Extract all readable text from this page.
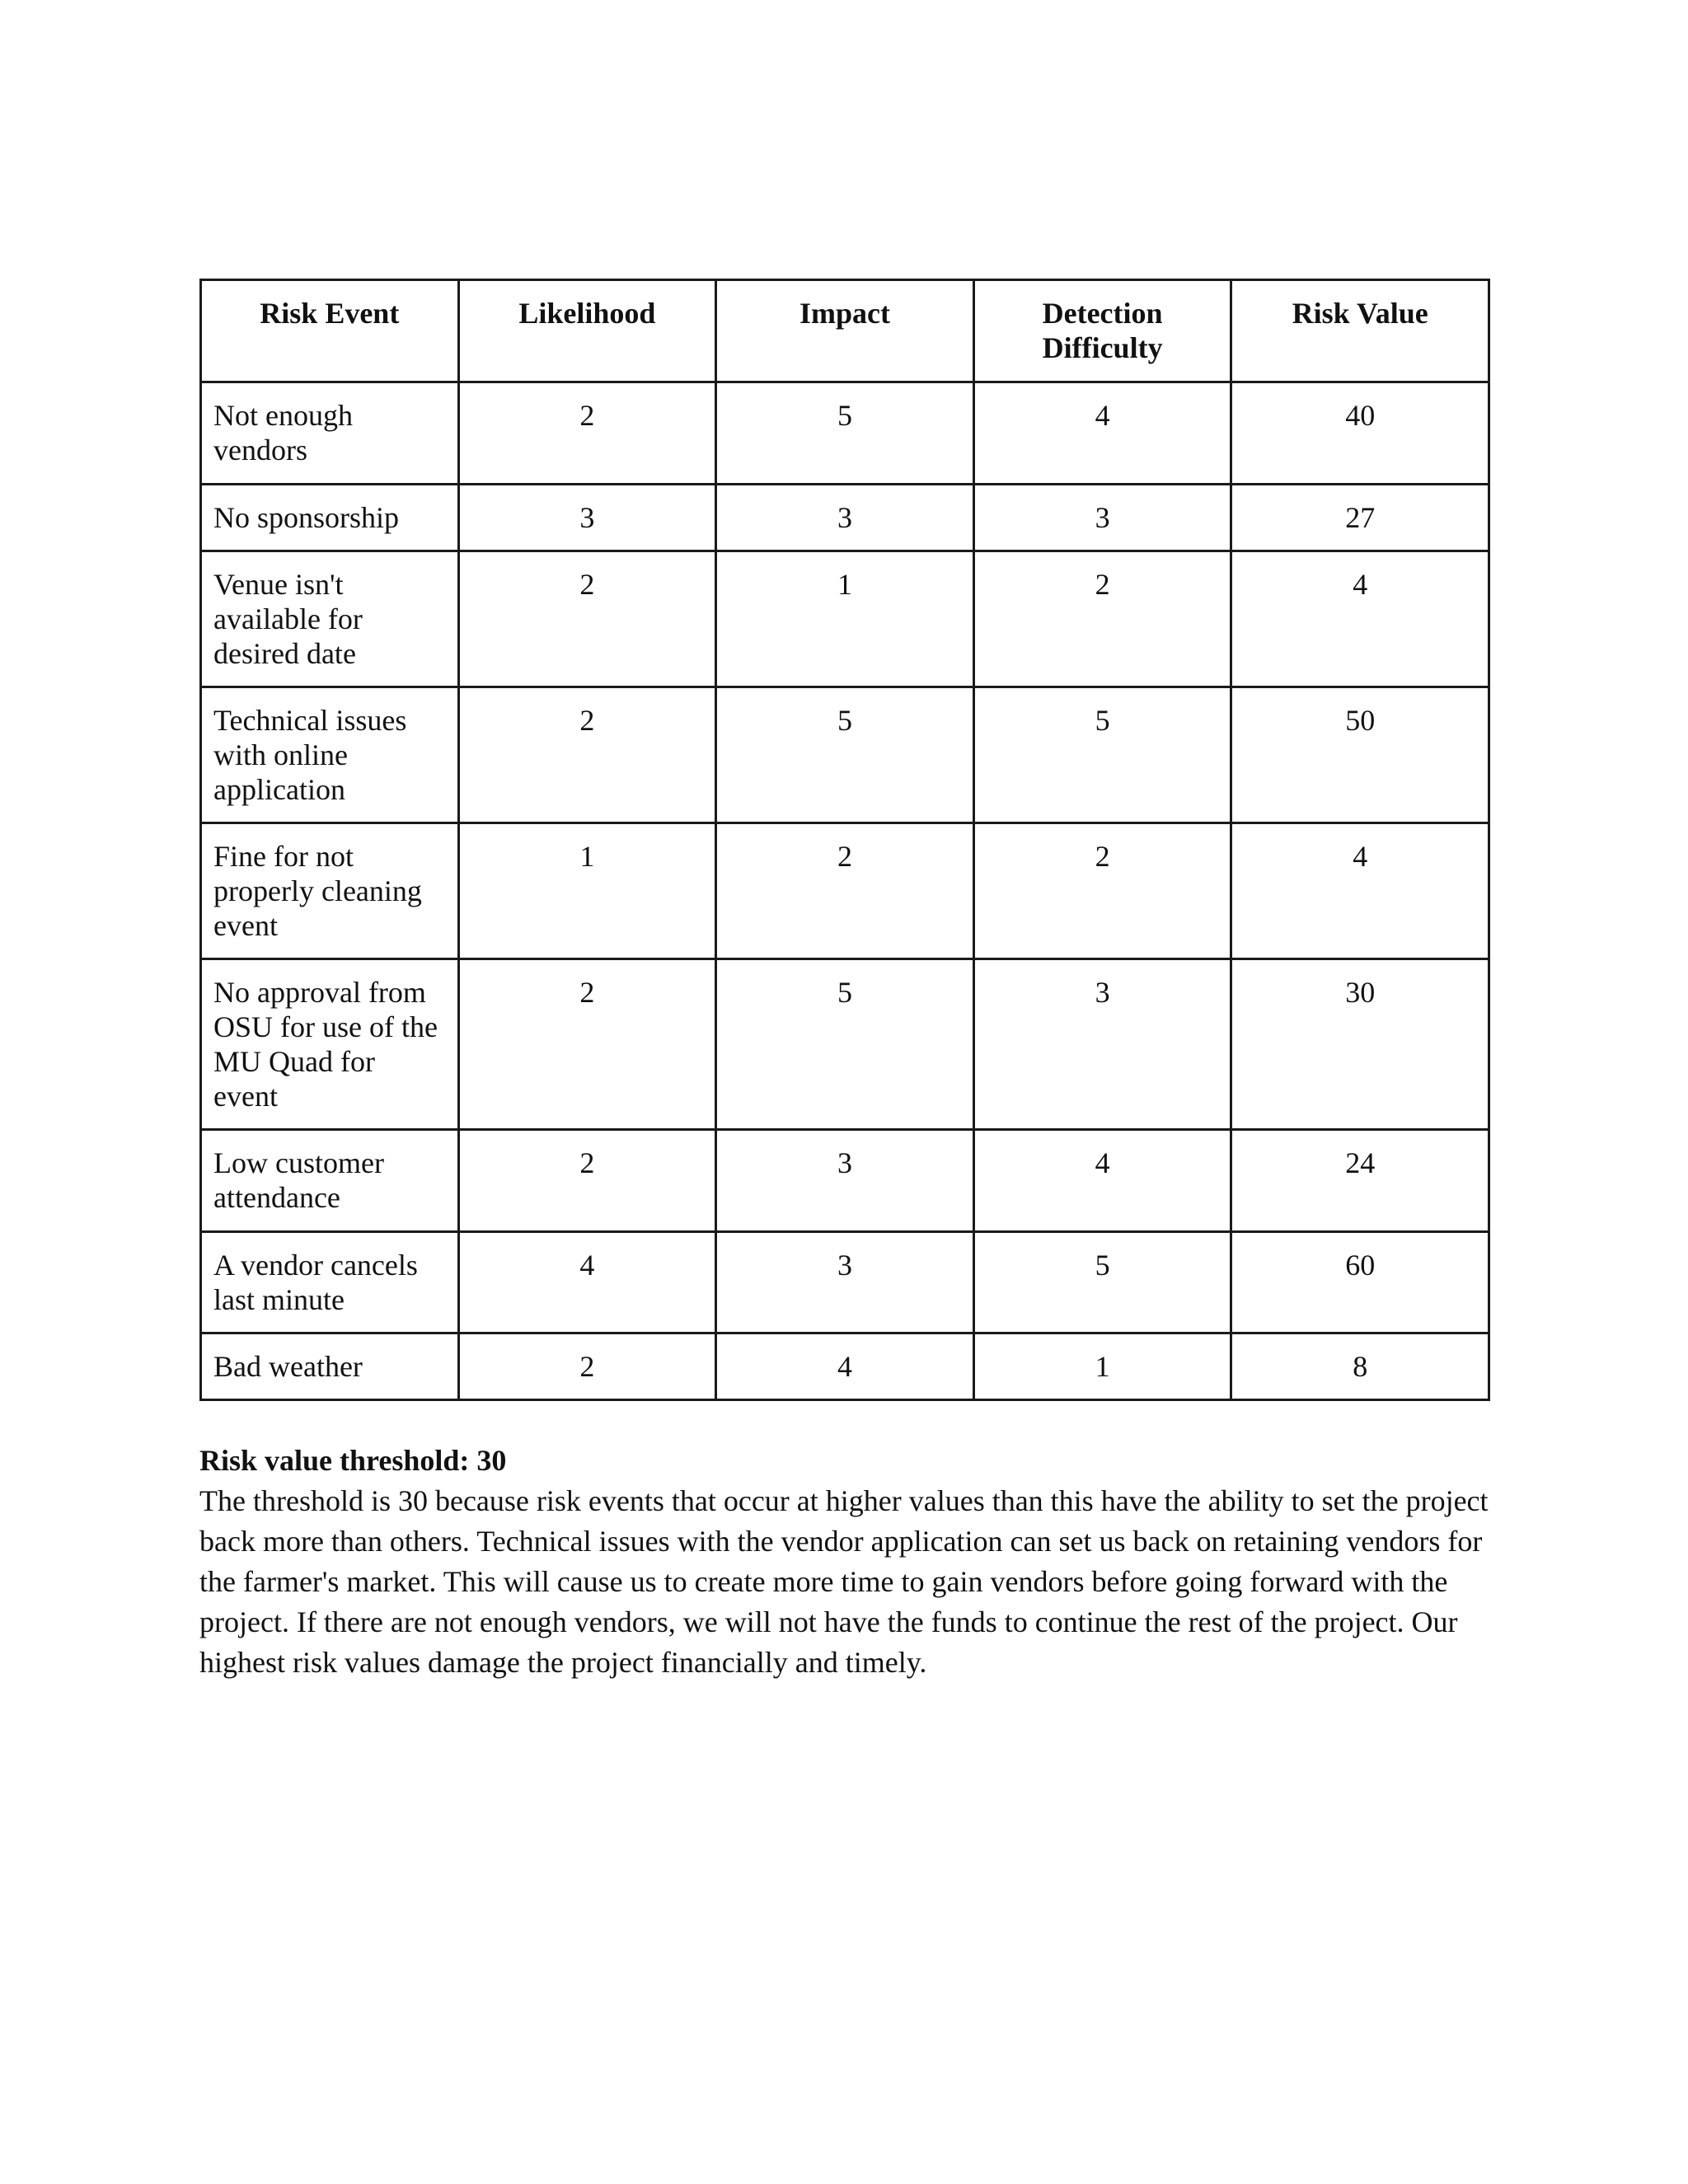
Risk Event	Likelihood	Impact	Detection Difficulty	Risk Value
Not enough vendors	2	5	4	40
No sponsorship	3	3	3	27
Venue isn't available for desired date	2	1	2	4
Technical issues with online application	2	5	5	50
Fine for not properly cleaning event	1	2	2	4
No approval from OSU for use of the MU Quad for event	2	5	3	30
Low customer attendance	2	3	4	24
A vendor cancels last minute	4	3	5	60
Bad weather	2	4	1	8
Risk value threshold: 30

The threshold is 30 because risk events that occur at higher values than this have the ability to set the project back more than others. Technical issues with the vendor application can set us back on retaining vendors for the farmer's market. This will cause us to create more time to gain vendors before going forward with the project. If there are not enough vendors, we will not have the funds to continue the rest of the project. Our highest risk values damage the project financially and timely.
